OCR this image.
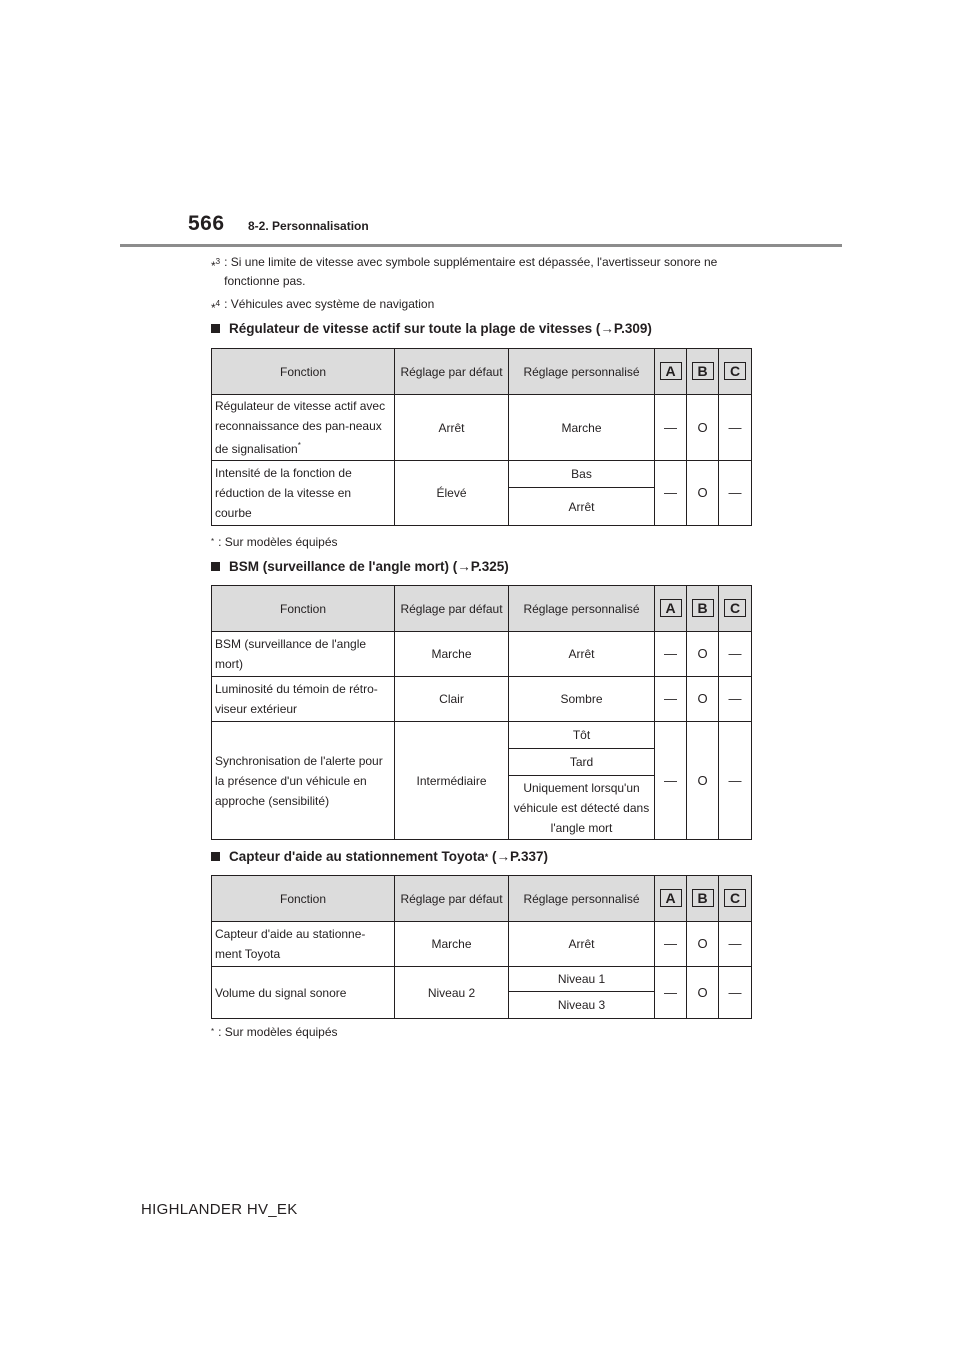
566 8-2. Personnalisation
*$^3$ : Si une limite de vitesse avec symbole supplémentaire est dépassée, l'avertisseur sonore ne fonctionne pas.
*$^4$ : Véhicules avec système de navigation
Régulateur de vitesse actif sur toute la plage de vitesses ( → P.309)
Fonction	Réglage par défaut	Réglage personnalisé	A	B	C
Régulateur de vitesse actif avec reconnaissance des pan-neaux de signalisation*	Arrêt	Marche	—	O	—
Intensité de la fonction de réduction de la vitesse en courbe	Élevé	Bas	—	O	—
		Arrêt			
* : Sur modèles équipés
BSM (surveillance de l'angle mort) ( → P.325)
Fonction	Réglage par défaut	Réglage personnalisé	A	B	C
BSM (surveillance de l'angle mort)	Marche	Arrêt	—	O	—
Luminosité du témoin de rétro-viseur extérieur	Clair	Sombre	—	O	—
Synchronisation de l'alerte pour la présence d'un véhicule en approche (sensibilité)	Intermédiaire	Tôt	—	O	—
		Tard			
		Uniquement lorsqu'un véhicule est détecté dans l'angle mort			
Capteur d'aide au stationnement Toyota * ( → P.337)
Fonction	Réglage par défaut	Réglage personnalisé	A	B	C
Capteur d'aide au stationne-ment Toyota	Marche	Arrêt	—	O	—
Volume du signal sonore	Niveau 2	Niveau 1	—	O	—
		Niveau 3			
* : Sur modèles équipés
HIGHLANDER HV_EK
